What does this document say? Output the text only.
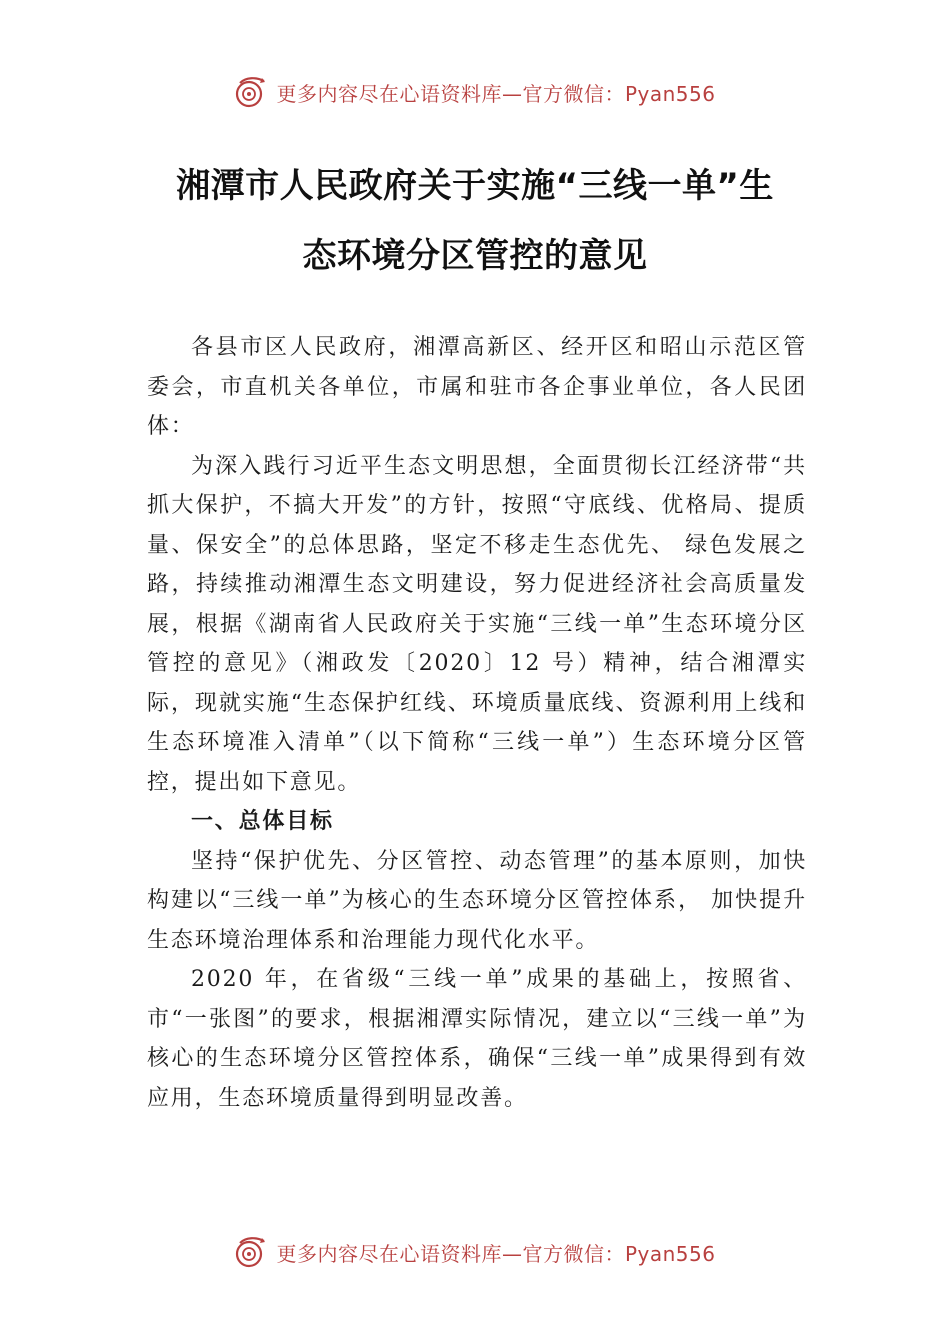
更多内容尽在心语资料库—官方微信：Pyan556
湘潭市人民政府关于实施“三线一单”生
态环境分区管控的意见

各县市区人民政府，湘潭高新区、经开区和昭山示范区管委会，市直机关各单位，市属和驻市各企事业单位，各人民团体：

为深入践行习近平生态文明思想，全面贯彻长江经济带“共抓大保护，不搞大开发”的方针，按照“守底线、优格局、提质量、保安全”的总体思路，坚定不移走生态优先、 绿色发展之路，持续推动湘潭生态文明建设，努力促进经济社会高质量发展，根据《湖南省人民政府关于实施“三线一单”生态环境分区管控的意见》（湘政发〔2020〕12 号）精神，结合湘潭实际，现就实施“生态保护红线、环境质量底线、资源利用上线和生态环境准入清单”（以下简称“三线一单”）生态环境分区管控，提出如下意见。

一、总体目标

坚持“保护优先、分区管控、动态管理”的基本原则，加快构建以“三线一单”为核心的生态环境分区管控体系， 加快提升生态环境治理体系和治理能力现代化水平。

2020 年，在省级“三线一单”成果的基础上，按照省、市“一张图”的要求，根据湘潭实际情况，建立以“三线一单”为核心的生态环境分区管控体系，确保“三线一单”成果得到有效应用，生态环境质量得到明显改善。

更多内容尽在心语资料库—官方微信：Pyan556
